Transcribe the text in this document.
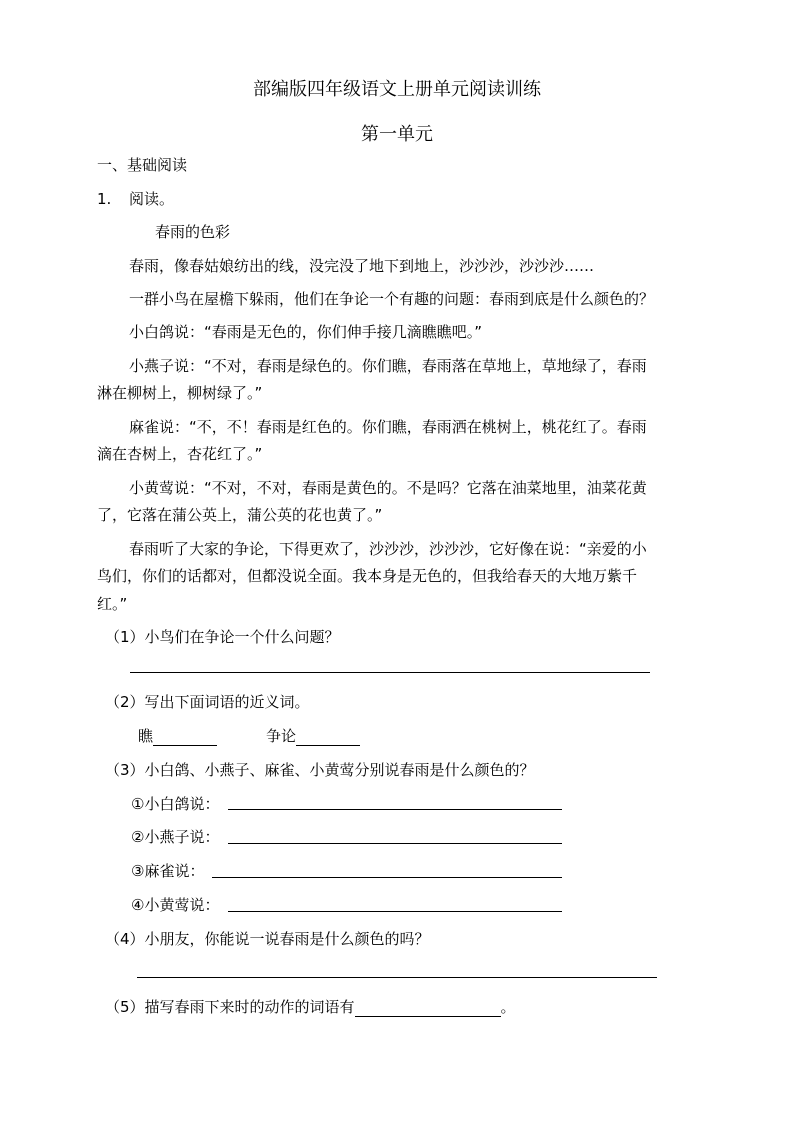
部编版四年级语文上册单元阅读训练
第一单元
一、基础阅读
1. 阅读。
春雨的色彩
春雨，像春姑娘纺出的线，没完没了地下到地上，沙沙沙，沙沙沙……
一群小鸟在屋檐下躲雨，他们在争论一个有趣的问题：春雨到底是什么颜色的？
小白鸽说：“春雨是无色的，你们伸手接几滴瞧瞧吧。”
小燕子说：“不对，春雨是绿色的。你们瞧，春雨落在草地上，草地绿了，春雨
淋在柳树上，柳树绿了。”
麻雀说：“不，不！春雨是红色的。你们瞧，春雨洒在桃树上，桃花红了。春雨
滴在杏树上，杏花红了。”
小黄莺说：“不对，不对，春雨是黄色的。不是吗？它落在油菜地里，油菜花黄
了，它落在蒲公英上，蒲公英的花也黄了。”
春雨听了大家的争论，下得更欢了，沙沙沙，沙沙沙，它好像在说：“亲爱的小
鸟们，你们的话都对，但都没说全面。我本身是无色的，但我给春天的大地万紫千
红。”
（1）小鸟们在争论一个什么问题？
（2）写出下面词语的近义词。
瞧	争论
（3）小白鸽、小燕子、麻雀、小黄莺分别说春雨是什么颜色的？
①小白鸽说：
②小燕子说：
③麻雀说：
④小黄莺说：
（4）小朋友，你能说一说春雨是什么颜色的吗？
（5）描写春雨下来时的动作的词语有	。
